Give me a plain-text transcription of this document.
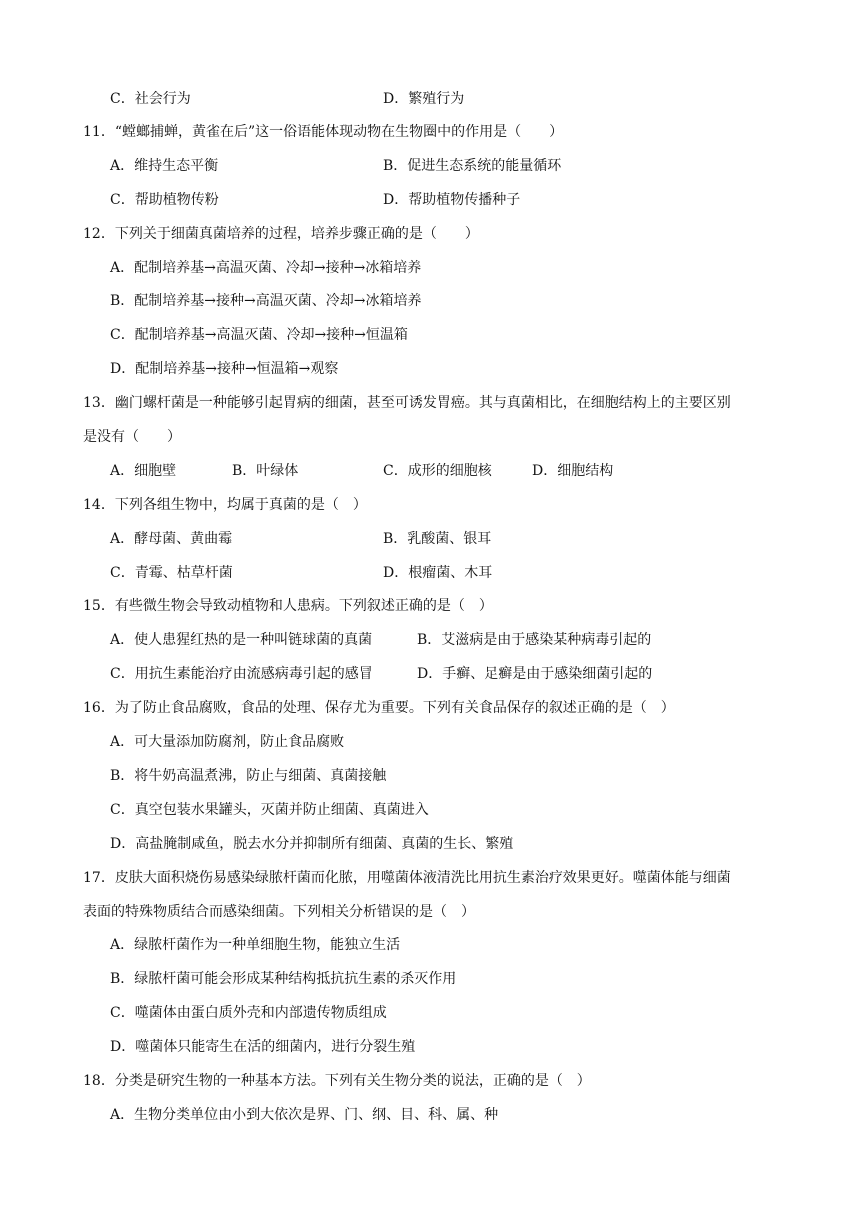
C．社会行为	D．繁殖行为
11．“螳螂捕蝉，黄雀在后”这一俗语能体现动物在生物圈中的作用是（　　）
A．维持生态平衡	B．促进生态系统的能量循环
C．帮助植物传粉	D．帮助植物传播种子
12．下列关于细菌真菌培养的过程，培养步骤正确的是（　　）
A．配制培养基→高温灭菌、冷却→接种→冰箱培养
B．配制培养基→接种→高温灭菌、冷却→冰箱培养
C．配制培养基→高温灭菌、冷却→接种→恒温箱
D．配制培养基→接种→恒温箱→观察
13．幽门螺杆菌是一种能够引起胃病的细菌，甚至可诱发胃癌。其与真菌相比，在细胞结构上的主要区别
是没有（　　）
A．细胞壁	B．叶绿体	C．成形的细胞核	D．细胞结构
14．下列各组生物中，均属于真菌的是（　）
A．酵母菌、黄曲霉	B．乳酸菌、银耳
C．青霉、枯草杆菌	D．根瘤菌、木耳
15．有些微生物会导致动植物和人患病。下列叙述正确的是（　）
A．使人患猩红热的是一种叫链球菌的真菌	B．艾滋病是由于感染某种病毒引起的
C．用抗生素能治疗由流感病毒引起的感冒	D．手癣、足癣是由于感染细菌引起的
16．为了防止食品腐败，食品的处理、保存尤为重要。下列有关食品保存的叙述正确的是（　）
A．可大量添加防腐剂，防止食品腐败
B．将牛奶高温煮沸，防止与细菌、真菌接触
C．真空包装水果罐头，灭菌并防止细菌、真菌进入
D．高盐腌制咸鱼，脱去水分并抑制所有细菌、真菌的生长、繁殖
17．皮肤大面积烧伤易感染绿脓杆菌而化脓，用噬菌体液清洗比用抗生素治疗效果更好。噬菌体能与细菌
表面的特殊物质结合而感染细菌。下列相关分析错误的是（　）
A．绿脓杆菌作为一种单细胞生物，能独立生活
B．绿脓杆菌可能会形成某种结构抵抗抗生素的杀灭作用
C．噬菌体由蛋白质外壳和内部遗传物质组成
D．噬菌体只能寄生在活的细菌内，进行分裂生殖
18．分类是研究生物的一种基本方法。下列有关生物分类的说法，正确的是（　）
A．生物分类单位由小到大依次是界、门、纲、目、科、属、种
